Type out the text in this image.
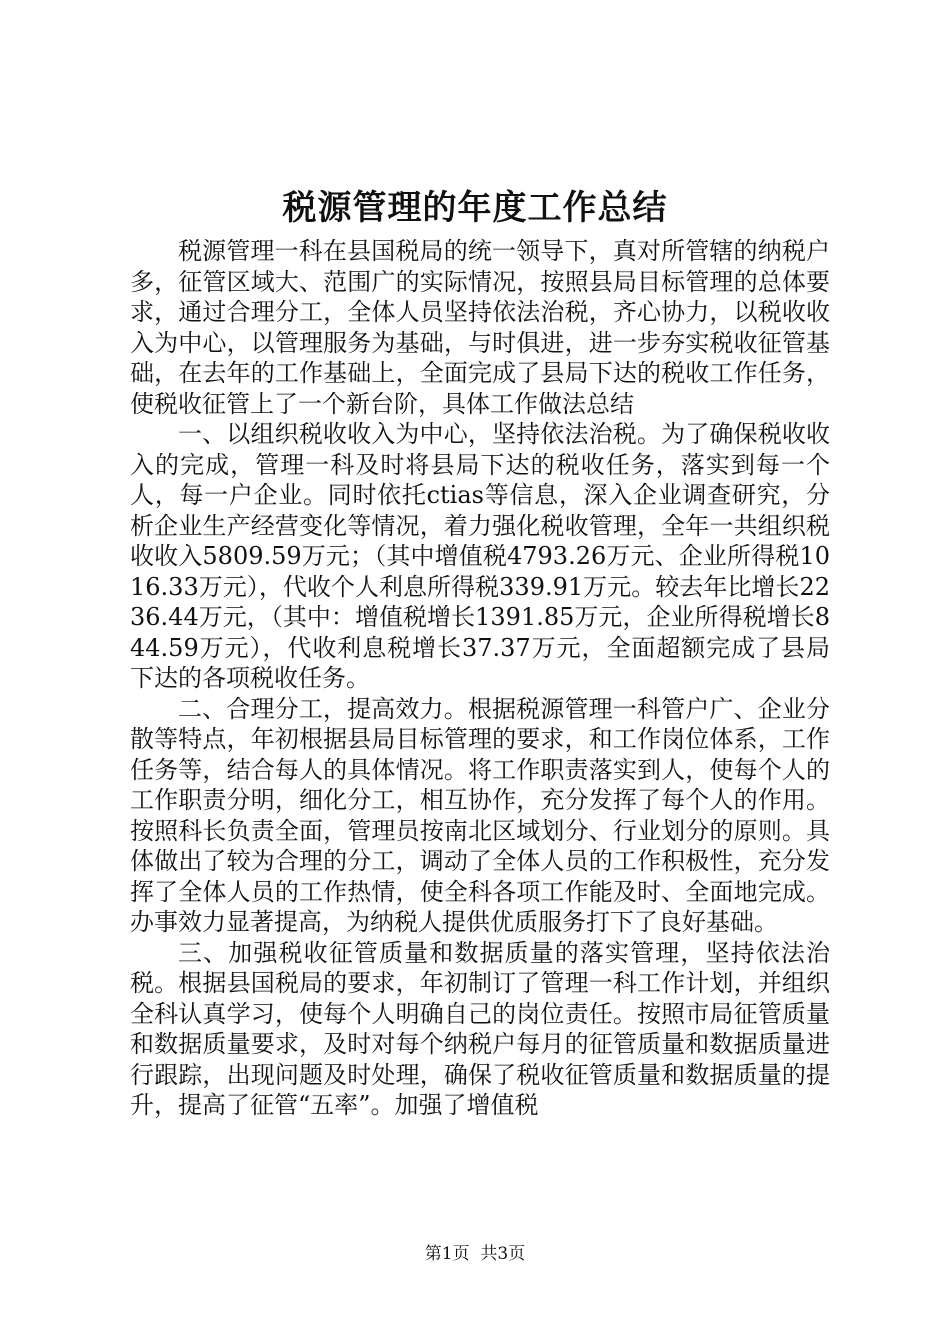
税源管理的年度工作总结

税源管理一科在县国税局的统一领导下，真对所管辖的纳税户多，征管区域大、范围广的实际情况，按照县局目标管理的总体要求，通过合理分工，全体人员坚持依法治税，齐心协力，以税收收入为中心，以管理服务为基础，与时俱进，进一步夯实税收征管基础，在去年的工作基础上，全面完成了县局下达的税收工作任务，使税收征管上了一个新台阶，具体工作做法总结

一、以组织税收收入为中心，坚持依法治税。为了确保税收收入的完成，管理一科及时将县局下达的税收任务，落实到每一个人，每一户企业。同时依托ctias等信息，深入企业调查研究，分析企业生产经营变化等情况，着力强化税收管理，全年一共组织税收收入5809.59万元；（其中增值税4793.26万元、企业所得税1016.33万元），代收个人利息所得税339.91万元。较去年比增长2236.44万元，（其中：增值税增长1391.85万元，企业所得税增长844.59万元），代收利息税增长37.37万元，全面超额完成了县局下达的各项税收任务。

二、合理分工，提高效力。根据税源管理一科管户广、企业分散等特点，年初根据县局目标管理的要求，和工作岗位体系，工作任务等，结合每人的具体情况。将工作职责落实到人，使每个人的工作职责分明，细化分工，相互协作，充分发挥了每个人的作用。按照科长负责全面，管理员按南北区域划分、行业划分的原则。具体做出了较为合理的分工，调动了全体人员的工作积极性，充分发挥了全体人员的工作热情，使全科各项工作能及时、全面地完成。办事效力显著提高，为纳税人提供优质服务打下了良好基础。

三、加强税收征管质量和数据质量的落实管理，坚持依法治税。根据县国税局的要求，年初制订了管理一科工作计划，并组织全科认真学习，使每个人明确自己的岗位责任。按照市局征管质量和数据质量要求，及时对每个纳税户每月的征管质量和数据质量进行跟踪，出现问题及时处理，确保了税收征管质量和数据质量的提升，提高了征管“五率”。加强了增值税

第1页 共3页
